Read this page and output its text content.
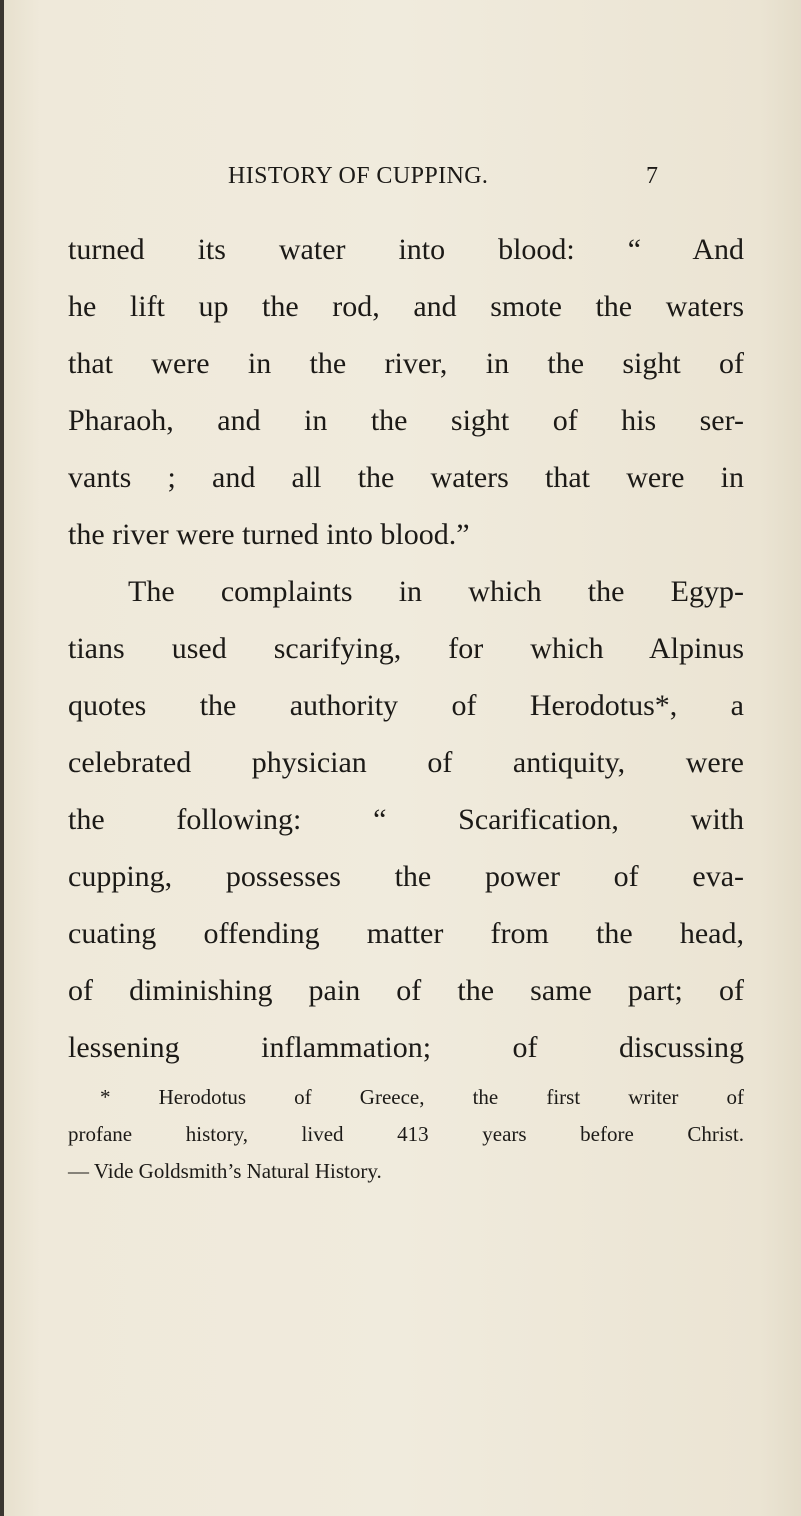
HISTORY OF CUPPING.	7
turned its water into blood: “ And
he lift up the rod, and smote the waters
that were in the river, in the sight of
Pharaoh, and in the sight of his ser-
vants ; and all the waters that were in
the river were turned into blood.”
The complaints in which the Egyp-
tians used scarifying, for which Alpinus
quotes the authority of Herodotus*, a
celebrated physician of antiquity, were
the following: “ Scarification, with
cupping, possesses the power of eva-
cuating offending matter from the head,
of diminishing pain of the same part; of
lessening inflammation; of discussing
* Herodotus of Greece, the first writer of
profane history, lived 413 years before Christ.
— Vide Goldsmith’s Natural History.
